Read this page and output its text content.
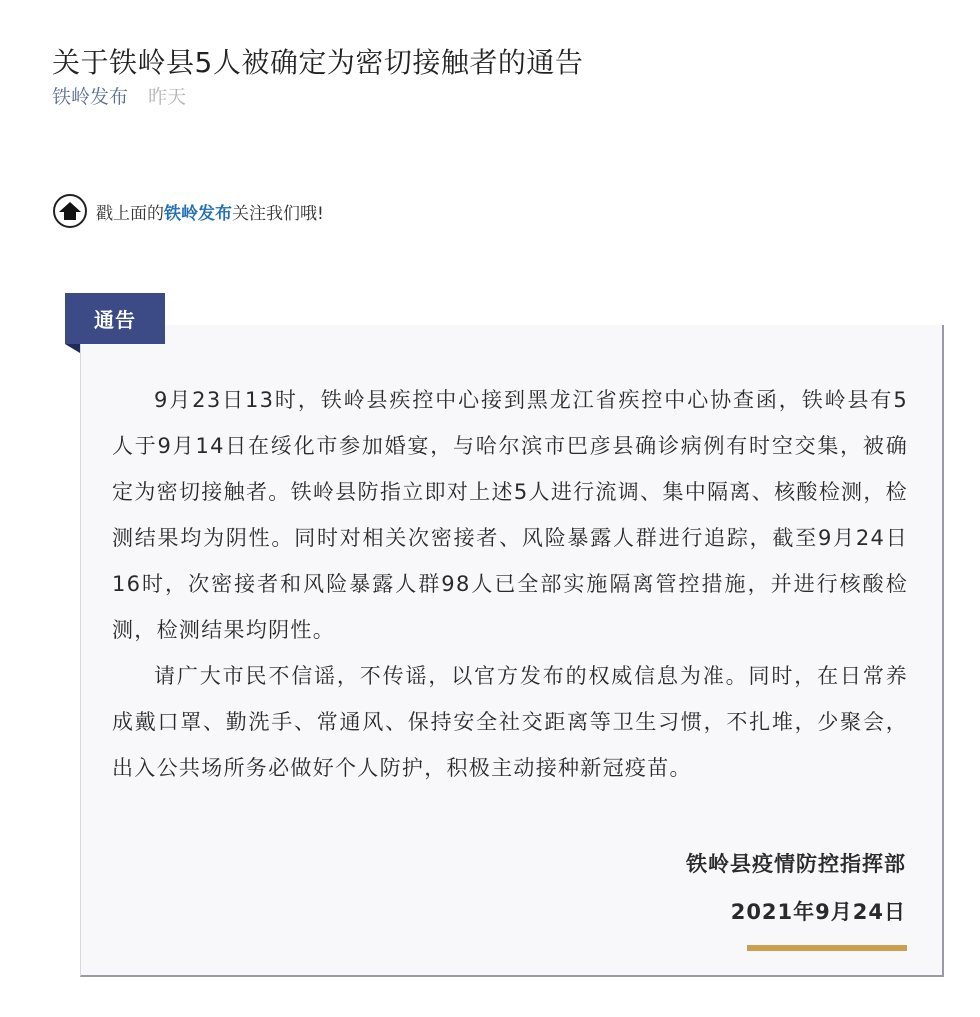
关于铁岭县5人被确定为密切接触者的通告
铁岭发布 昨天
戳上面的 铁岭发布 关注我们哦!
通告

9月23日13时，铁岭县疾控中心接到黑龙江省疾控中心协查函，铁岭县有5人于9月14日在绥化市参加婚宴，与哈尔滨市巴彦县确诊病例有时空交集，被确定为密切接触者。铁岭县防指立即对上述5人进行流调、集中隔离、核酸检测，检测结果均为阴性。同时对相关次密接者、风险暴露人群进行追踪，截至9月24日16时，次密接者和风险暴露人群98人已全部实施隔离管控措施，并进行核酸检测，检测结果均阴性。

请广大市民不信谣，不传谣，以官方发布的权威信息为准。同时，在日常养成戴口罩、勤洗手、常通风、保持安全社交距离等卫生习惯，不扎堆，少聚会，出入公共场所务必做好个人防护，积极主动接种新冠疫苗。

铁岭县疫情防控指挥部
2021年9月24日
